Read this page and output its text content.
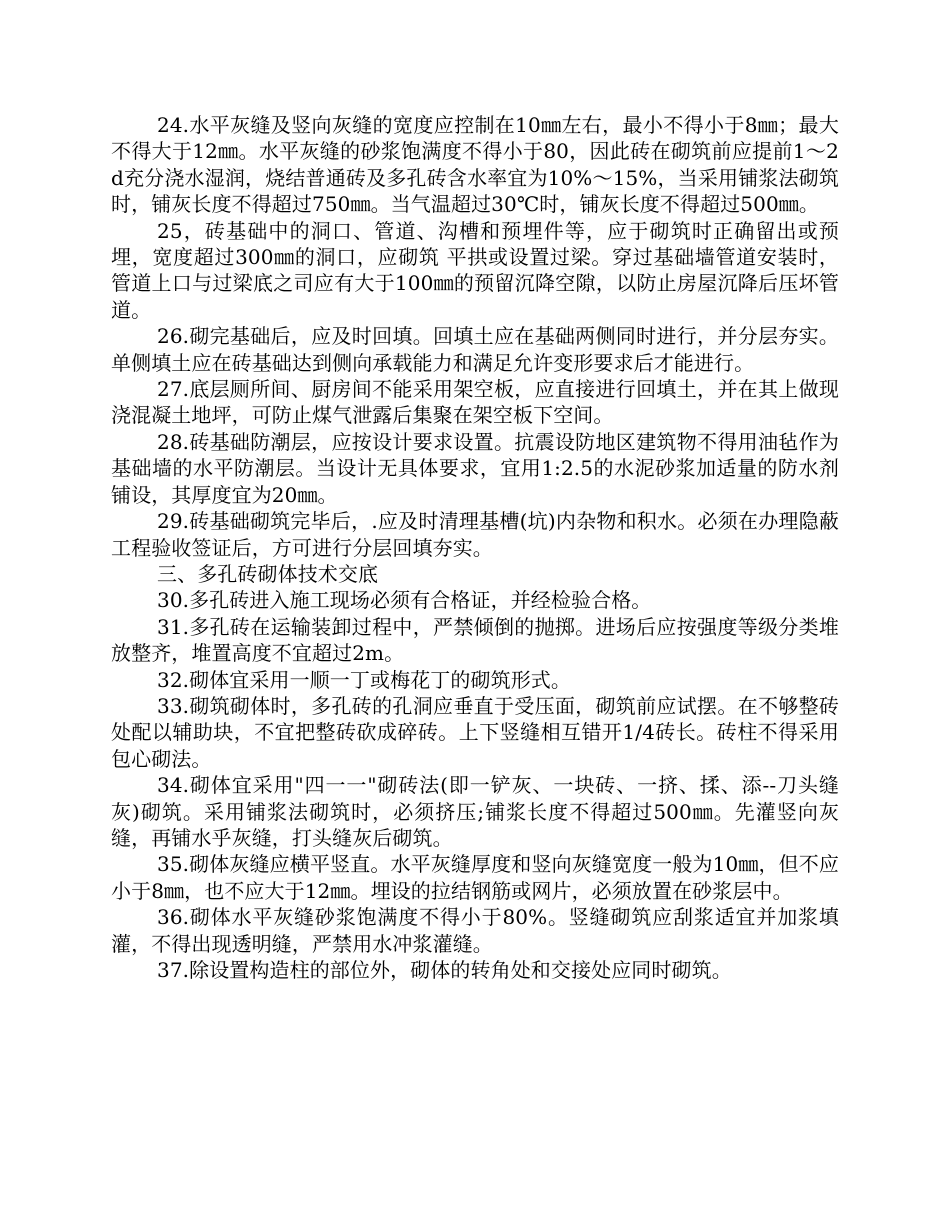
24.水平灰缝及竖向灰缝的宽度应控制在10㎜左右，最小不得小于8㎜；最大不得大于12㎜。水平灰缝的砂浆饱满度不得小于80，因此砖在砌筑前应提前1～2d充分浇水湿润，烧结普通砖及多孔砖含水率宜为10%～15%，当采用铺浆法砌筑时，铺灰长度不得超过750㎜。当气温超过30℃时，铺灰长度不得超过500㎜。

25，砖基础中的洞口、管道、沟槽和预埋件等，应于砌筑时正确留出或预埋，宽度超过300㎜的洞口，应砌筑 平拱或设置过梁。穿过基础墙管道安装时，管道上口与过梁底之司应有大于100㎜的预留沉降空隙，以防止房屋沉降后压坏管道。

26.砌完基础后，应及时回填。回填土应在基础两侧同时进行，并分层夯实。单侧填土应在砖基础达到侧向承载能力和满足允许变形要求后才能进行。

27.底层厕所间、厨房间不能采用架空板，应直接进行回填土，并在其上做现浇混凝土地坪，可防止煤气泄露后集聚在架空板下空间。

28.砖基础防潮层，应按设计要求设置。抗震设防地区建筑物不得用油毡作为基础墙的水平防潮层。当设计无具体要求，宜用1:2.5的水泥砂浆加适量的防水剂铺设，其厚度宜为20㎜。

29.砖基础砌筑完毕后，.应及时清理基槽(坑)内杂物和积水。必须在办理隐蔽工程验收签证后，方可进行分层回填夯实。

三、多孔砖砌体技术交底

30.多孔砖进入施工现场必须有合格证，并经检验合格。

31.多孔砖在运输装卸过程中，严禁倾倒的抛掷。进场后应按强度等级分类堆放整齐，堆置高度不宜超过2m。

32.砌体宜采用一顺一丁或梅花丁的砌筑形式。

33.砌筑砌体时，多孔砖的孔洞应垂直于受压面，砌筑前应试摆。在不够整砖处配以辅助块，不宜把整砖砍成碎砖。上下竖缝相互错开1/4砖长。砖柱不得采用包心砌法。

34.砌体宜采用"四一一"砌砖法(即一铲灰、一块砖、一挤、揉、添--刀头缝灰)砌筑。采用铺浆法砌筑时，必须挤压;铺浆长度不得超过500㎜。先灌竖向灰缝，再铺水乎灰缝，打头缝灰后砌筑。

35.砌体灰缝应横平竖直。水平灰缝厚度和竖向灰缝宽度一般为10㎜，但不应小于8㎜，也不应大于12㎜。埋设的拉结钢筋或网片，必须放置在砂浆层中。

36.砌体水平灰缝砂浆饱满度不得小于80%。竖缝砌筑应刮浆适宜并加浆填灌，不得出现透明缝，严禁用水冲浆灌缝。

37.除设置构造柱的部位外，砌体的转角处和交接处应同时砌筑。
